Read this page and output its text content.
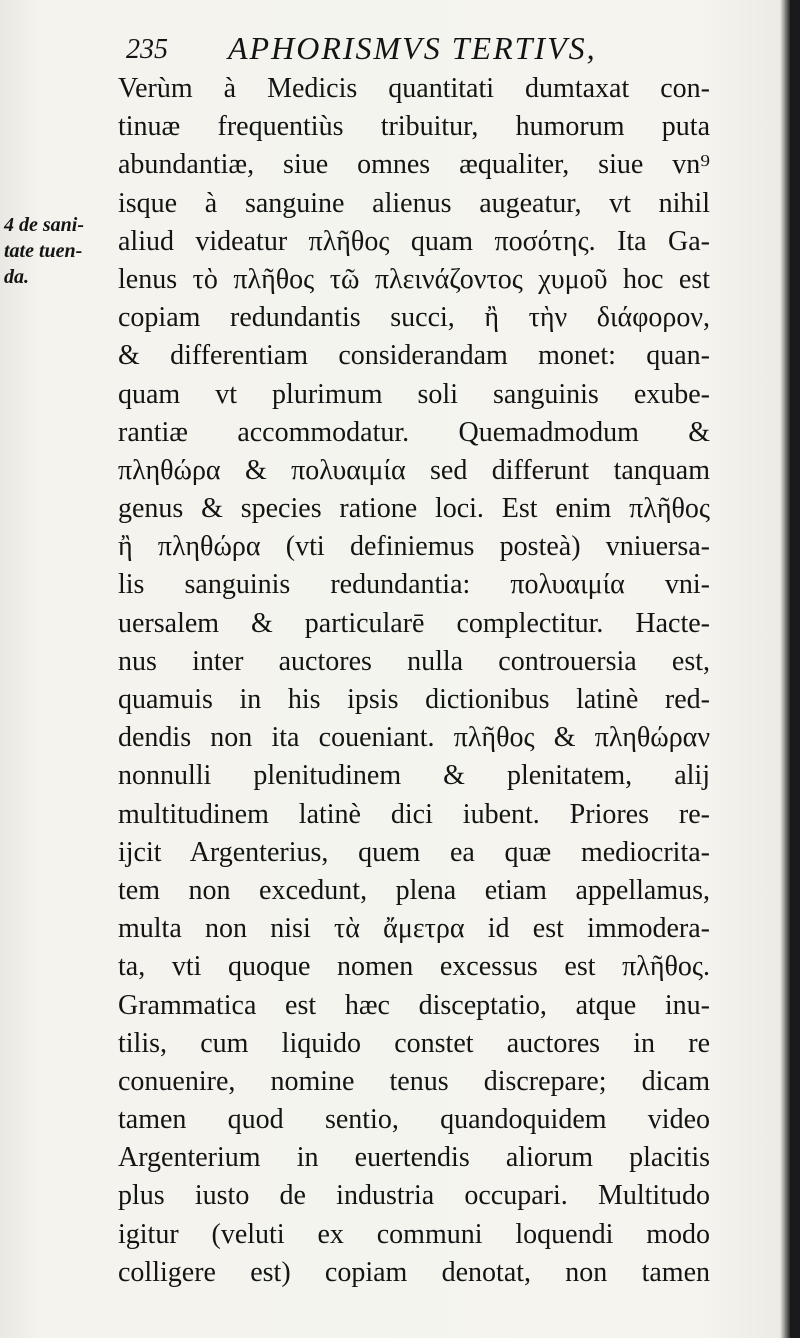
235 APHORISMVS TERTIVS,
4 de sani-
tate tuen-
da.
Verùm à Medicis quantitati dumtaxat con-
tinuæ frequentiùs tribuitur, humorum puta
abundantiæ, siue omnes æqualiter, siue vn⁹
isque à sanguine alienus augeatur, vt nihil
aliud videatur πλῆθος quam ποσότης. Ita Ga-
lenus τὸ πλῆθος τῶ πλεινάζοντος χυμοῦ hoc est
copiam redundantis succi, ἢ τὴν διάφορον,
& differentiam considerandam monet: quan-
quam vt plurimum soli sanguinis exube-
rantiæ accommodatur. Quemadmodum &
πληθώρα & πολυαιμία sed differunt tanquam
genus & species ratione loci. Est enim πλῆθος
ἢ πληθώρα (vti definiemus posteà) vniuersa-
lis sanguinis redundantia: πολυαιμία vni-
uersalem & particularē complectitur. Hacte-
nus inter auctores nulla controuersia est,
quamuis in his ipsis dictionibus latinè red-
dendis non ita coueniant. πλῆθος & πληθώραν
nonnulli plenitudinem & plenitatem, alij
multitudinem latinè dici iubent. Priores re-
ijcit Argenterius, quem ea quæ mediocrita-
tem non excedunt, plena etiam appellamus,
multa non nisi τὰ ἄμετρα id est immodera-
ta, vti quoque nomen excessus est πλῆθος.
Grammatica est hæc disceptatio, atque inu-
tilis, cum liquido constet auctores in re
conuenire, nomine tenus discrepare; dicam
tamen quod sentio, quandoquidem video
Argenterium in euertendis aliorum placitis
plus iusto de industria occupari. Multitudo
igitur (veluti ex communi loquendi modo
colligere est) copiam denotat, non tamen
